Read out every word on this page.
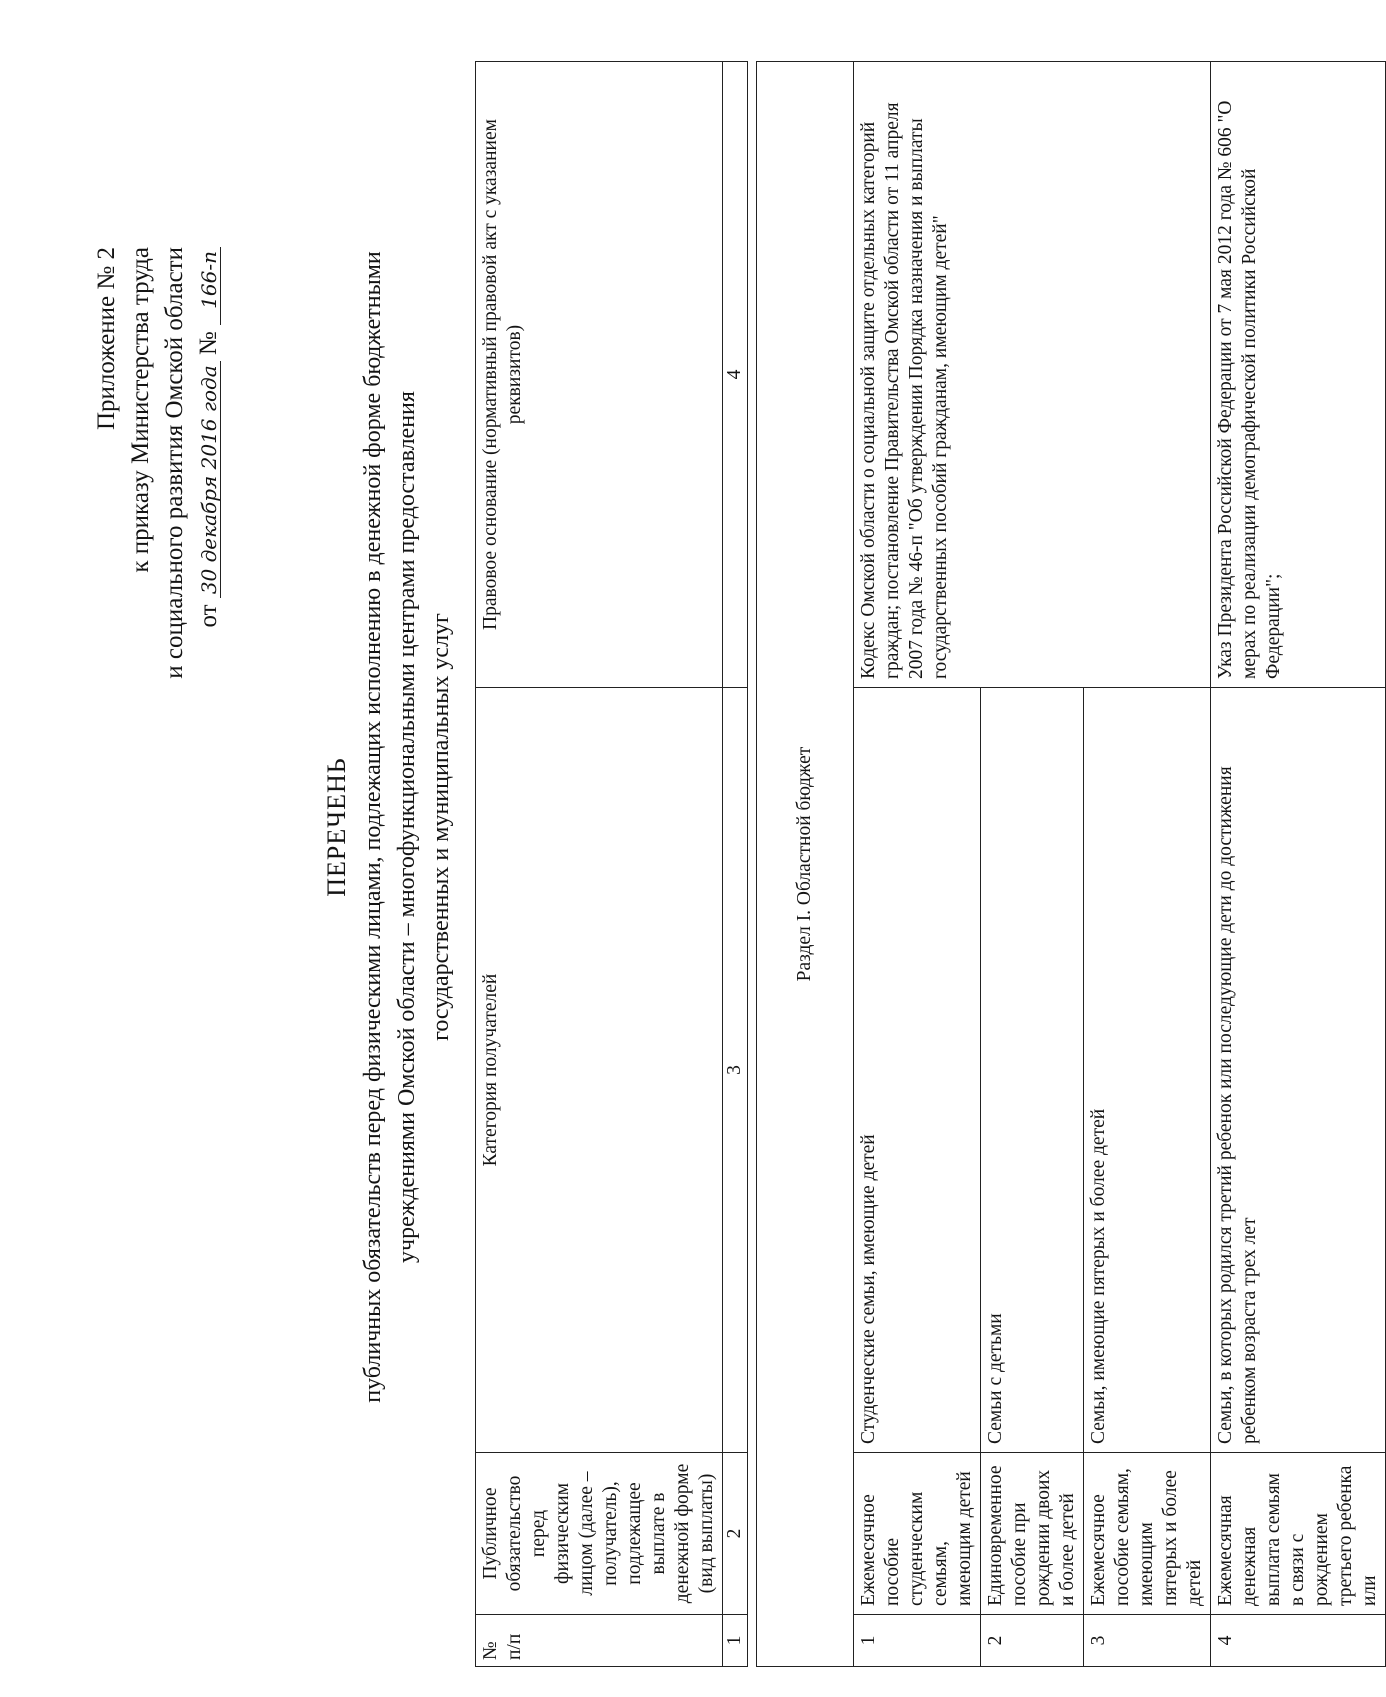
Приложение № 2 к приказу Министерства труда и социального развития Омской области от 30 декабря 2016 года № 166-п
ПЕРЕЧЕНЬ публичных обязательств перед физическими лицами, подлежащих исполнению в денежной форме бюджетными учреждениями Омской области – многофункциональными центрами предоставления государственных и муниципальных услуг
№ п/п	Публичное обязательство перед физическим лицом (далее – получатель), подлежащее выплате в денежной форме (вид выплаты)	Категория получателей	Правовое основание (нормативный правовой акт с указанием реквизитов)
1	2	3	4

Раздел I. Областной бюджет			
1	Ежемесячное пособие студенческим семьям, имеющим детей	Студенческие семьи, имеющие детей	Кодекс Омской области о социальной защите отдельных категорий граждан; постановление Правительства Омской области от 11 апреля 2007 года № 46-п "Об утверждении Порядка назначения и выплаты государственных пособий гражданам, имеющим детей"
2	Единовременное пособие при рождении двоих и более детей	Семьи с детьми	
3	Ежемесячное пособие семьям, имеющим пятерых и более детей	Семьи, имеющие пятерых и более детей	
4	Ежемесячная денежная выплата семьям в связи с рождением третьего ребенка или	Семьи, в которых родился третий ребенок или последующие дети до достижения ребенком возраста трех лет	Указ Президента Российской Федерации от 7 мая 2012 года № 606 "О мерах по реализации демографической политики Российской Федерации";
